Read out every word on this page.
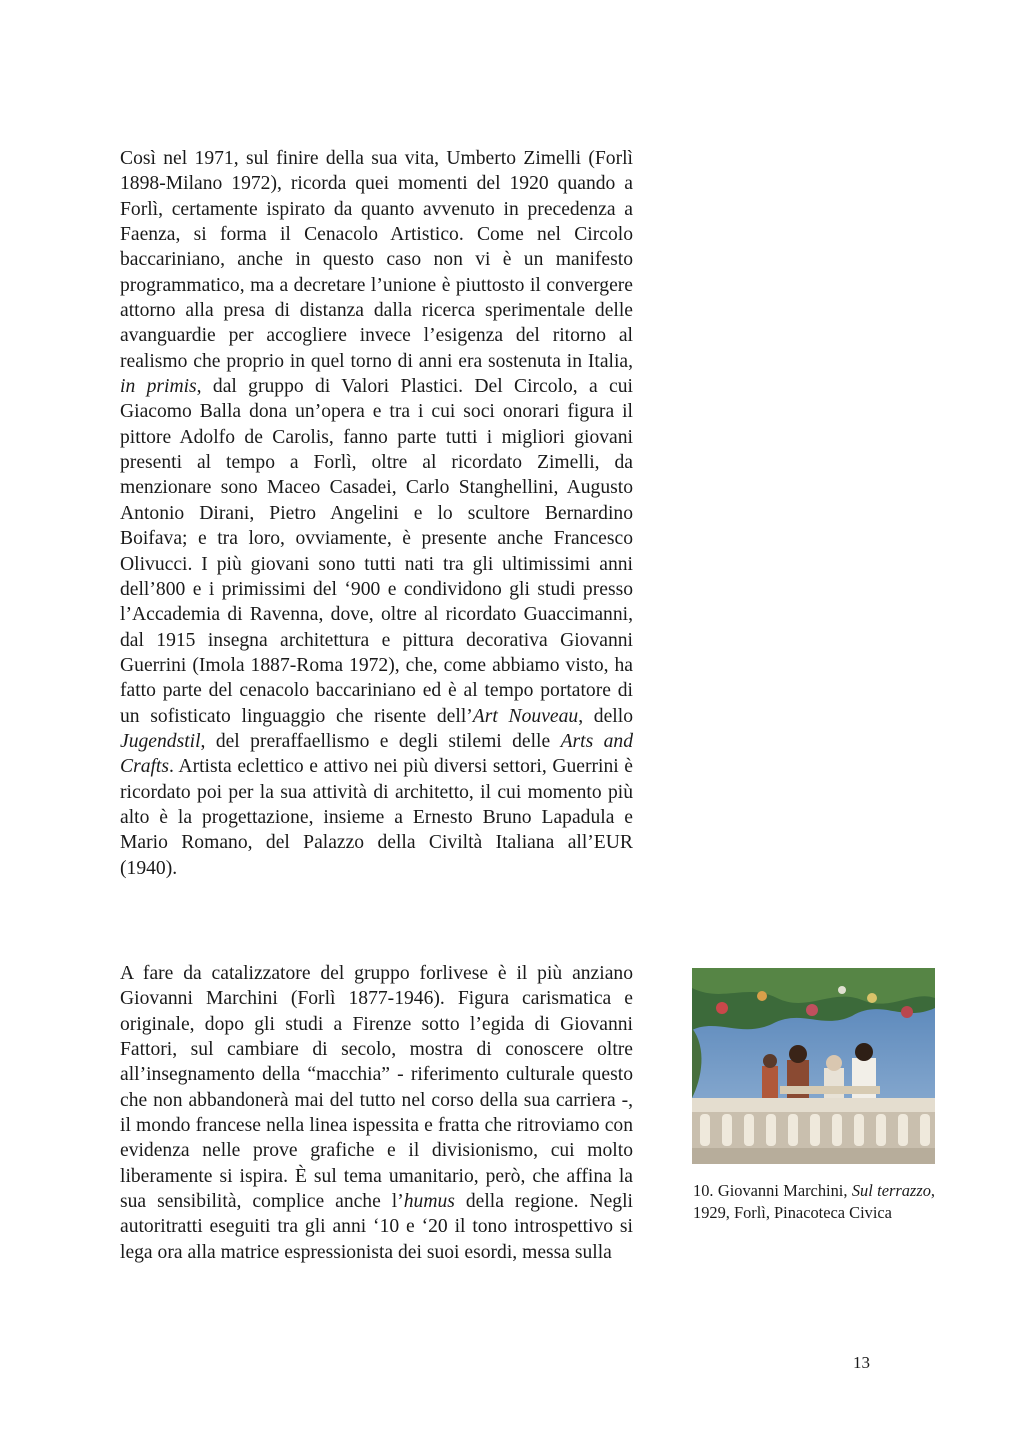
Così nel 1971, sul finire della sua vita, Umberto Zimelli (Forlì 1898-Milano 1972), ricorda quei momenti del 1920 quando a Forlì, certamente ispirato da quanto avvenuto in precedenza a Faenza, si forma il Cenacolo Artistico. Come nel Circolo baccariniano, anche in questo caso non vi è un manifesto programmatico, ma a decretare l’unione è piuttosto il convergere attorno alla presa di distanza dalla ricerca sperimentale delle avanguardie per accogliere invece l’esigenza del ritorno al realismo che proprio in quel torno di anni era sostenuta in Italia, in primis, dal gruppo di Valori Plastici. Del Circolo, a cui Giacomo Balla dona un’opera e tra i cui soci onorari figura il pittore Adolfo de Carolis, fanno parte tutti i migliori giovani presenti al tempo a Forlì, oltre al ricordato Zimelli, da menzionare sono Maceo Casadei, Carlo Stanghellini, Augusto Antonio Dirani, Pietro Angelini e lo scultore Bernardino Boifava; e tra loro, ovviamente, è presente anche Francesco Olivucci. I più giovani sono tutti nati tra gli ultimissimi anni dell’800 e i primissimi del ‘900 e condividono gli studi presso l’Accademia di Ravenna, dove, oltre al ricordato Guaccimanni, dal 1915 insegna architettura e pittura decorativa Giovanni Guerrini (Imola 1887-Roma 1972), che, come abbiamo visto, ha fatto parte del cenacolo baccariniano ed è al tempo portatore di un sofisticato linguaggio che risente dell’Art Nouveau, dello Jugendstil, del preraffaellismo e degli stilemi delle Arts and Crafts. Artista eclettico e attivo nei più diversi settori, Guerrini è ricordato poi per la sua attività di architetto, il cui momento più alto è la progettazione, insieme a Ernesto Bruno Lapadula e Mario Romano, del Palazzo della Civiltà Italiana all’EUR (1940).
A fare da catalizzatore del gruppo forlivese è il più anziano Giovanni Marchini (Forlì 1877-1946). Figura carismatica e originale, dopo gli studi a Firenze sotto l’egida di Giovanni Fattori, sul cambiare di secolo, mostra di conoscere oltre all’insegnamento della “macchia” - riferimento culturale questo che non abbandonerà mai del tutto nel corso della sua carriera -, il mondo francese nella linea ispessita e fratta che ritroviamo con evidenza nelle prove grafiche e il divisionismo, cui molto liberamente si ispira. È sul tema umanitario, però, che affina la sua sensibilità, complice anche l’humus della regione. Negli autoritratti eseguiti tra gli anni ‘10 e ‘20 il tono introspettivo si lega ora alla matrice espressionista dei suoi esordi, messa sulla

10. Giovanni Marchini, Sul terrazzo, 1929, Forlì, Pinacoteca Civica

13
